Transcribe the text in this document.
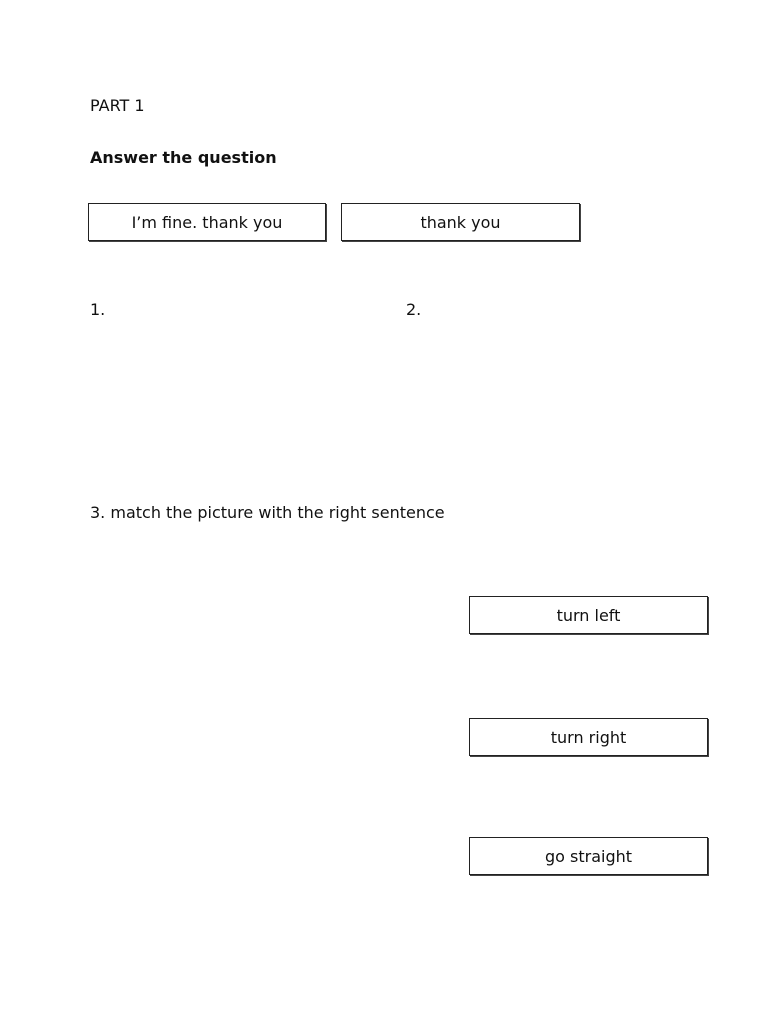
PART 1
Answer the question
I’m fine. thank you	thank you
1.	2.
3. match the picture with the right sentence
turn left
turn right
go straight
